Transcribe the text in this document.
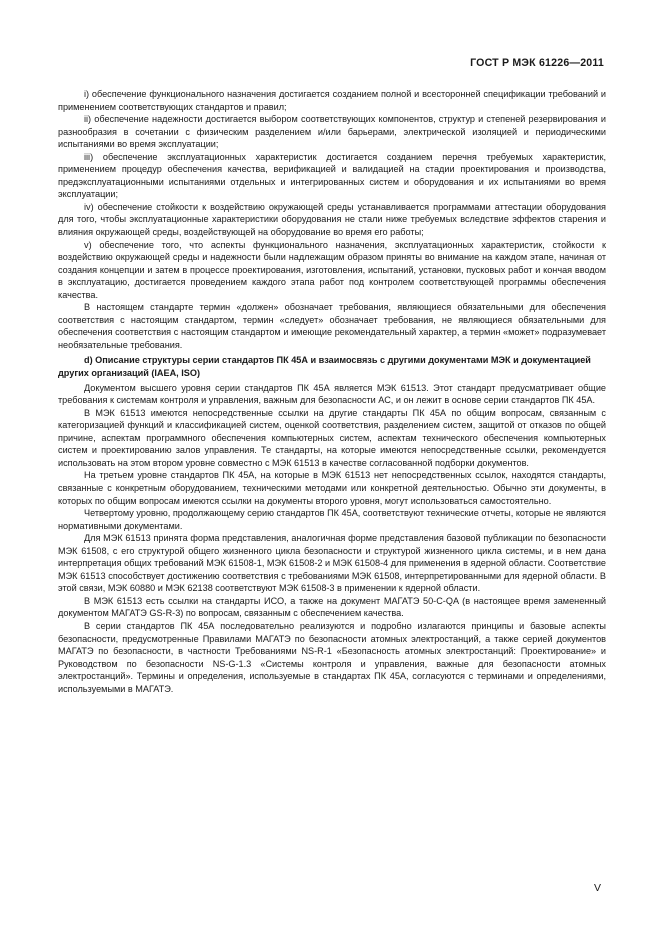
ГОСТ Р МЭК 61226—2011

i) обеспечение функционального назначения достигается созданием полной и всесторонней спецификации требований и применением соответствующих стандартов и правил;

ii) обеспечение надежности достигается выбором соответствующих компонентов, структур и степеней резервирования и разнообразия в сочетании с физическим разделением и/или барьерами, электрической изоляцией и периодическими испытаниями во время эксплуатации;

iii) обеспечение эксплуатационных характеристик достигается созданием перечня требуемых характеристик, применением процедур обеспечения качества, верификацией и валидацией на стадии проектирования и производства, предэксплуатационными испытаниями отдельных и интегрированных систем и оборудования и их испытаниями во время эксплуатации;

iv) обеспечение стойкости к воздействию окружающей среды устанавливается программами аттестации оборудования для того, чтобы эксплуатационные характеристики оборудования не стали ниже требуемых вследствие эффектов старения и влияния окружающей среды, воздействующей на оборудование во время его работы;

v) обеспечение того, что аспекты функционального назначения, эксплуатационных характеристик, стойкости к воздействию окружающей среды и надежности были надлежащим образом приняты во внимание на каждом этапе, начиная от создания концепции и затем в процессе проектирования, изготовления, испытаний, установки, пусковых работ и кончая вводом в эксплуатацию, достигается проведением каждого этапа работ под контролем соответствующей программы обеспечения качества.

В настоящем стандарте термин «должен» обозначает требования, являющиеся обязательными для обеспечения соответствия с настоящим стандартом, термин «следует» обозначает требования, не являющиеся обязательными для обеспечения соответствия с настоящим стандартом и имеющие рекомендательный характер, а термин «может» подразумевает необязательные требования.

d) Описание структуры серии стандартов ПК 45А и взаимосвязь с другими документами МЭК и документацией других организаций (IAEA, ISO)

Документом высшего уровня серии стандартов ПК 45А является МЭК 61513. Этот стандарт предусматривает общие требования к системам контроля и управления, важным для безопасности АС, и он лежит в основе серии стандартов ПК 45А.

В МЭК 61513 имеются непосредственные ссылки на другие стандарты ПК 45А по общим вопросам, связанным с категоризацией функций и классификацией систем, оценкой соответствия, разделением систем, защитой от отказов по общей причине, аспектам программного обеспечения компьютерных систем, аспектам технического обеспечения компьютерных систем и проектированию залов управления. Те стандарты, на которые имеются непосредственные ссылки, рекомендуется использовать на этом втором уровне совместно с МЭК 61513 в качестве согласованной подборки документов.

На третьем уровне стандартов ПК 45А, на которые в МЭК 61513 нет непосредственных ссылок, находятся стандарты, связанные с конкретным оборудованием, техническими методами или конкретной деятельностью. Обычно эти документы, в которых по общим вопросам имеются ссылки на документы второго уровня, могут использоваться самостоятельно.

Четвертому уровню, продолжающему серию стандартов ПК 45А, соответствуют технические отчеты, которые не являются нормативными документами.

Для МЭК 61513 принята форма представления, аналогичная форме представления базовой публикации по безопасности МЭК 61508, с его структурой общего жизненного цикла безопасности и структурой жизненного цикла системы, и в нем дана интерпретация общих требований МЭК 61508-1, МЭК 61508-2 и МЭК 61508-4 для применения в ядерной области. Соответствие МЭК 61513 способствует достижению соответствия с требованиями МЭК 61508, интерпретированными для ядерной области. В этой связи, МЭК 60880 и МЭК 62138 соответствуют МЭК 61508-3 в применении к ядерной области.

В МЭК 61513 есть ссылки на стандарты ИСО, а также на документ МАГАТЭ 50-С-QA (в настоящее время замененный документом МАГАТЭ GS-R-3) по вопросам, связанным с обеспечением качества.

В серии стандартов ПК 45А последовательно реализуются и подробно излагаются принципы и базовые аспекты безопасности, предусмотренные Правилами МАГАТЭ по безопасности атомных электростанций, а также серией документов МАГАТЭ по безопасности, в частности Требованиями NS-R-1 «Безопасность атомных электростанций: Проектирование» и Руководством по безопасности NS-G-1.3 «Системы контроля и управления, важные для безопасности атомных электростанций». Термины и определения, используемые в стандартах ПК 45А, согласуются с терминами и определениями, используемыми в МАГАТЭ.

V
